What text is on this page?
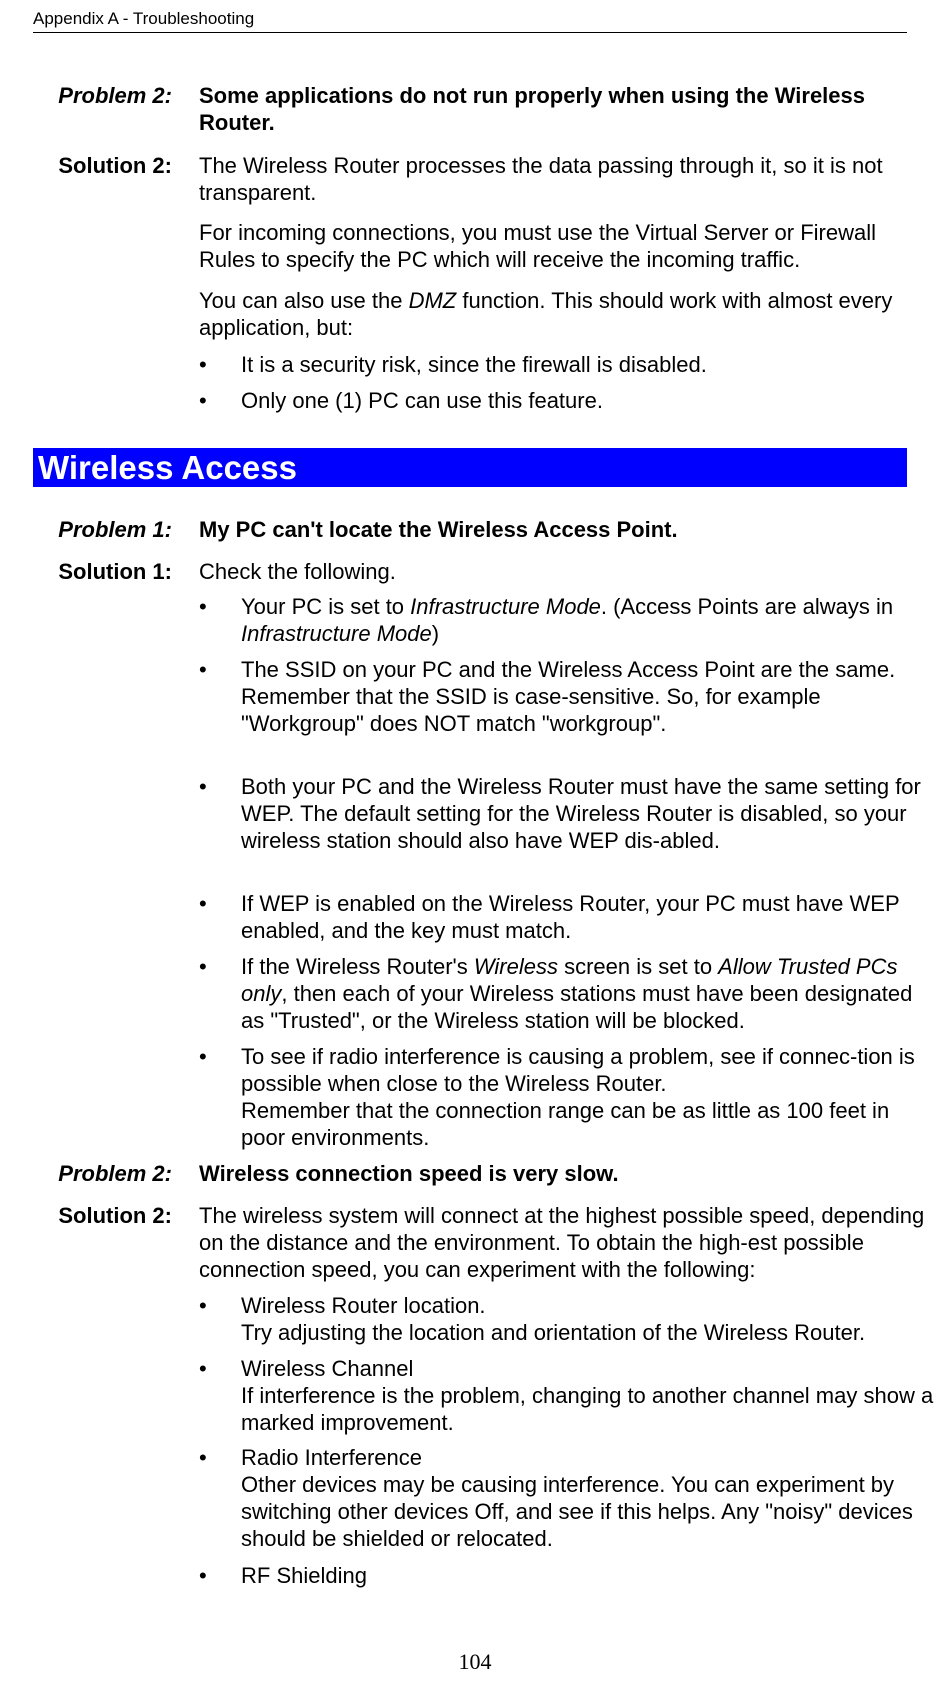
Appendix A - Troubleshooting
Problem 2: Some applications do not run properly when using the Wireless Router.
Solution 2: The Wireless Router processes the data passing through it, so it is not transparent.
For incoming connections, you must use the Virtual Server or Firewall Rules to specify the PC which will receive the incoming traffic.
You can also use the DMZ function. This should work with almost every application, but:
• It is a security risk, since the firewall is disabled.
• Only one (1) PC can use this feature.
Wireless Access
Problem 1: My PC can't locate the Wireless Access Point.
Solution 1: Check the following.
• Your PC is set to Infrastructure Mode. (Access Points are always in Infrastructure Mode)
• The SSID on your PC and the Wireless Access Point are the same.
Remember that the SSID is case-sensitive. So, for example "Workgroup" does NOT match "workgroup".
• Both your PC and the Wireless Router must have the same setting for WEP. The default setting for the Wireless Router is disabled, so your wireless station should also have WEP dis-abled.
• If WEP is enabled on the Wireless Router, your PC must have WEP enabled, and the key must match.
• If the Wireless Router's Wireless screen is set to Allow Trusted PCs only, then each of your Wireless stations must have been designated as "Trusted", or the Wireless station will be blocked.
• To see if radio interference is causing a problem, see if connec-tion is possible when close to the Wireless Router.
Remember that the connection range can be as little as 100 feet in poor environments.
Problem 2: Wireless connection speed is very slow.
Solution 2: The wireless system will connect at the highest possible speed, depending on the distance and the environment. To obtain the high-est possible connection speed, you can experiment with the following:
• Wireless Router location.
Try adjusting the location and orientation of the Wireless Router.
• Wireless Channel
If interference is the problem, changing to another channel may show a marked improvement.
• Radio Interference
Other devices may be causing interference. You can experiment by switching other devices Off, and see if this helps. Any "noisy" devices should be shielded or relocated.
• RF Shielding
104
